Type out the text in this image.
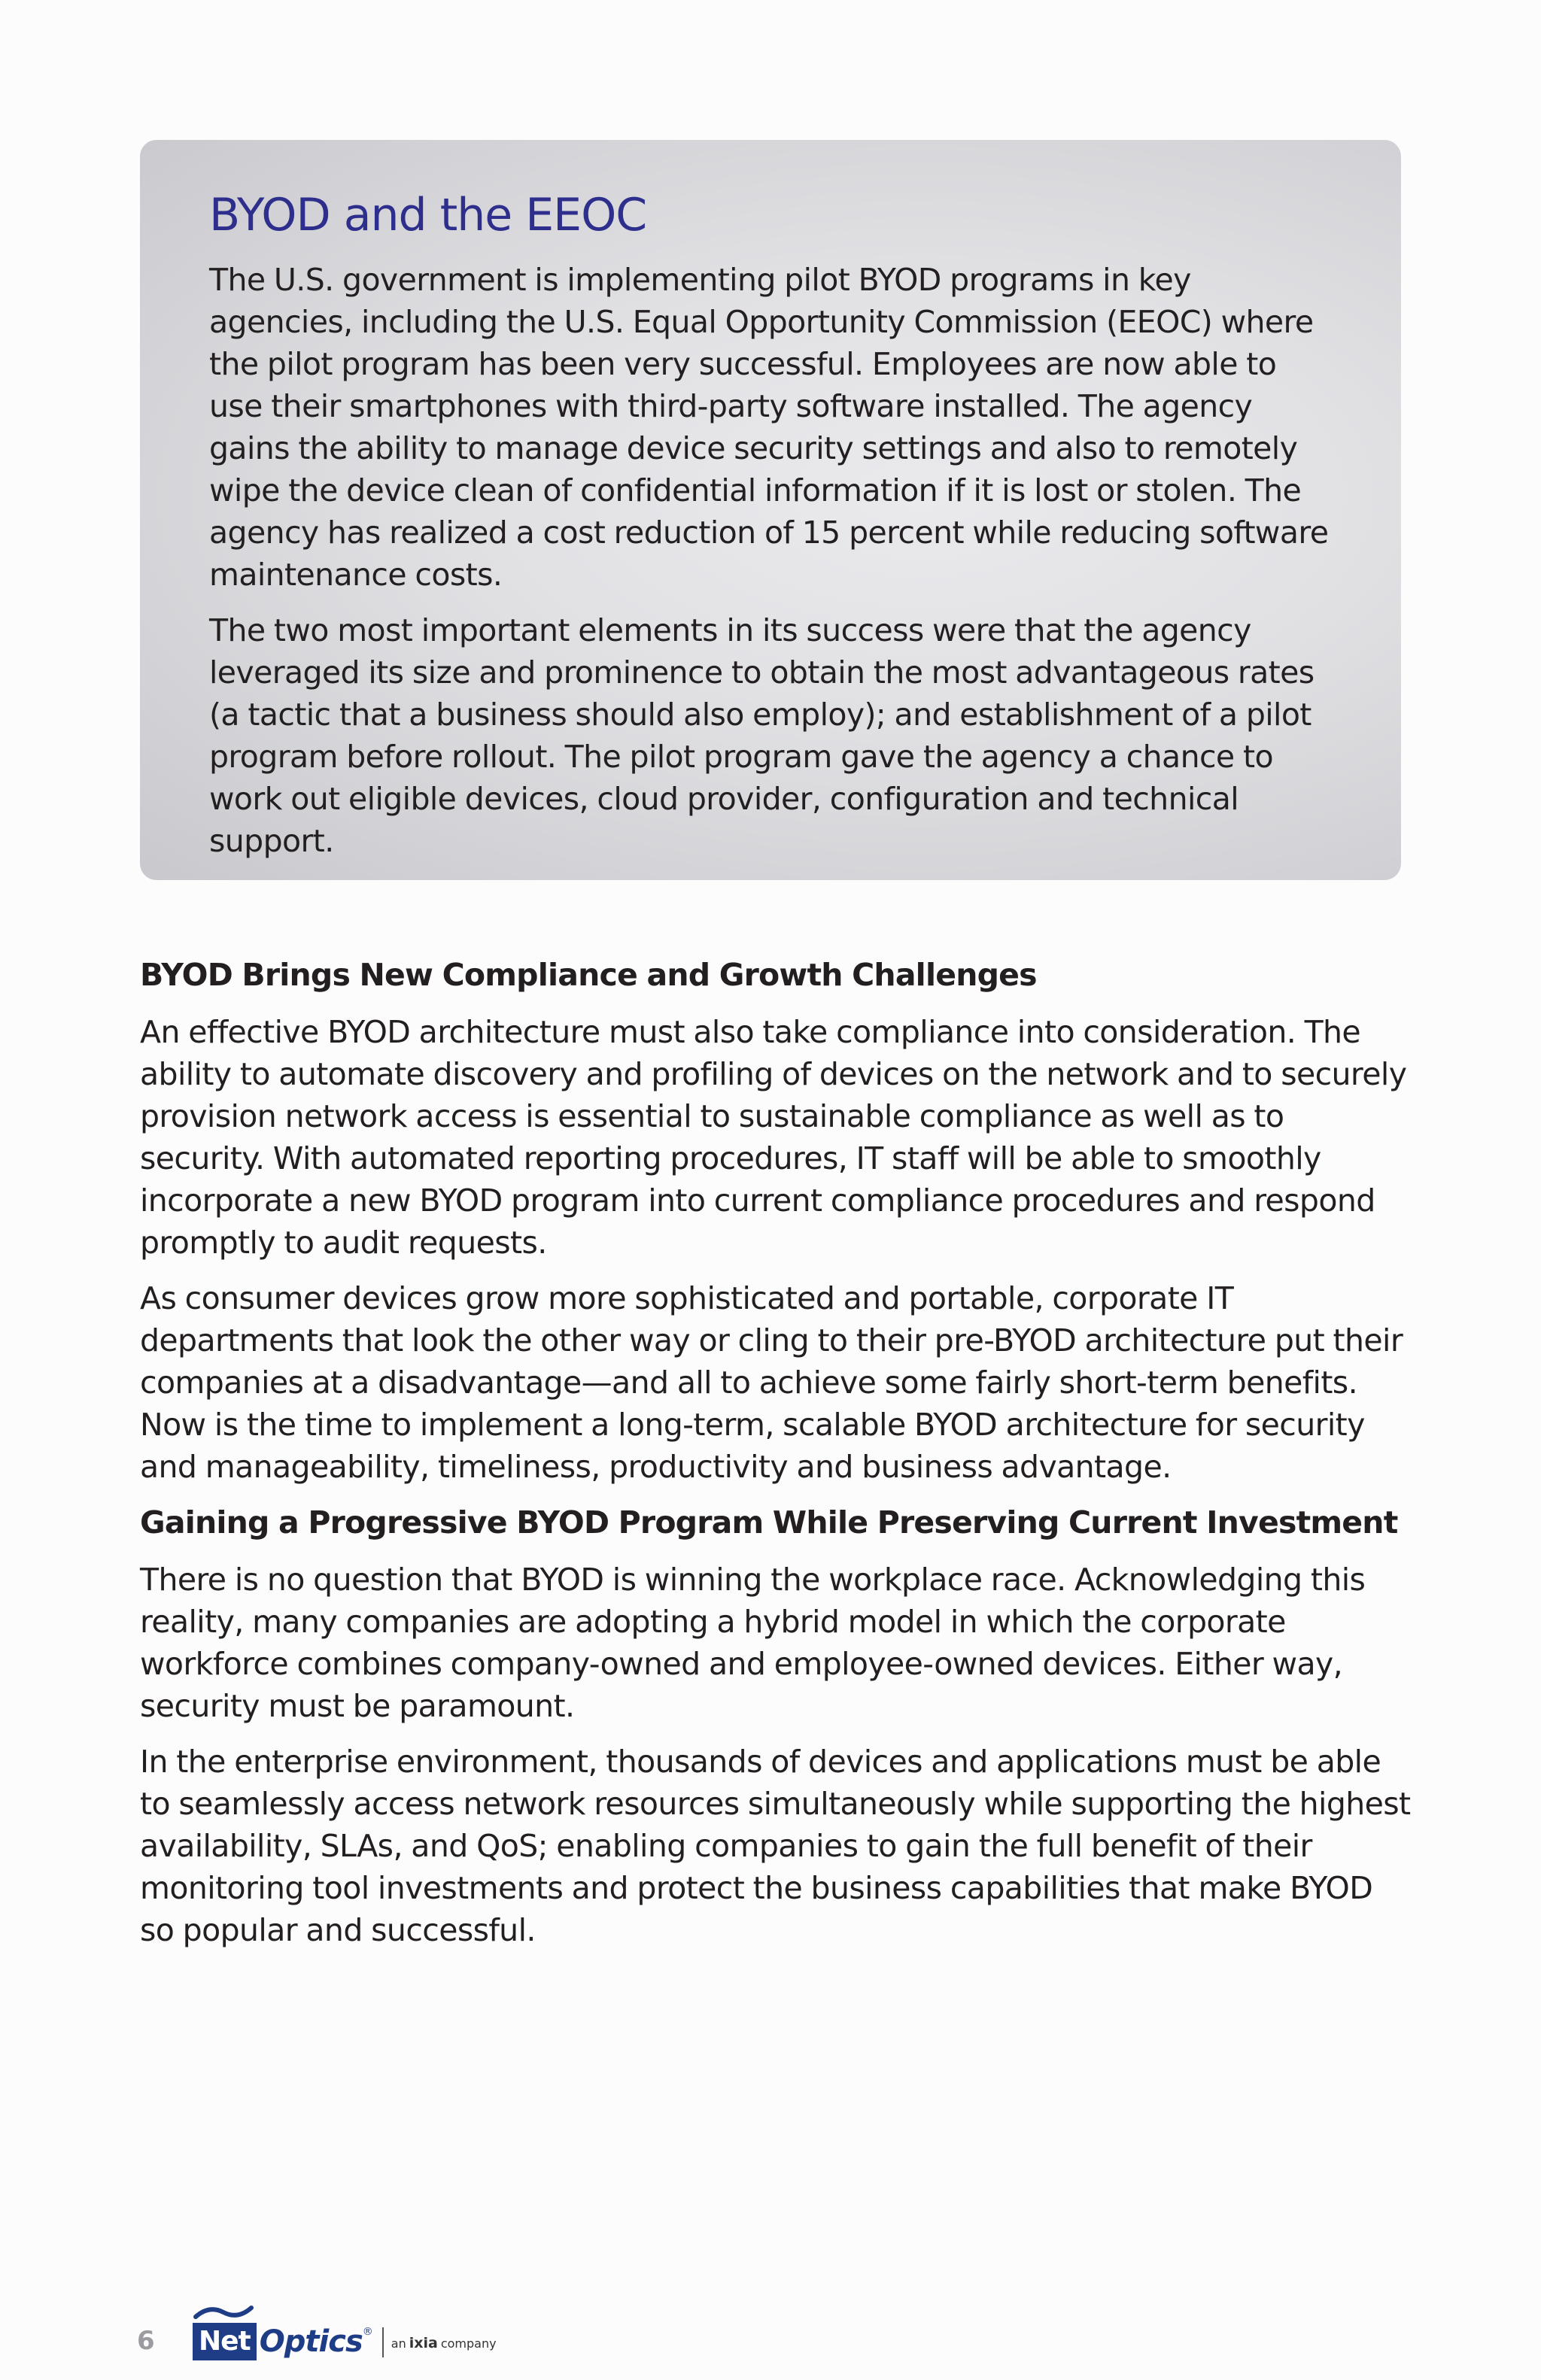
BYOD and the EEOC

The U.S. government is implementing pilot BYOD programs in key agencies, including the U.S. Equal Opportunity Commission (EEOC) where the pilot program has been very successful. Employees are now able to use their smartphones with third-party software installed. The agency gains the ability to manage device security settings and also to remotely wipe the device clean of confidential information if it is lost or stolen. The agency has realized a cost reduction of 15 percent while reducing software maintenance costs.

The two most important elements in its success were that the agency leveraged its size and prominence to obtain the most advantageous rates (a tactic that a business should also employ); and establishment of a pilot program before rollout. The pilot program gave the agency a chance to work out eligible devices, cloud provider, configuration and technical support.

BYOD Brings New Compliance and Growth Challenges

An effective BYOD architecture must also take compliance into consideration. The ability to automate discovery and profiling of devices on the network and to securely provision network access is essential to sustainable compliance as well as to security. With automated reporting procedures, IT staff will be able to smoothly incorporate a new BYOD program into current compliance procedures and respond promptly to audit requests.

As consumer devices grow more sophisticated and portable, corporate IT departments that look the other way or cling to their pre-BYOD architecture put their companies at a disadvantage—and all to achieve some fairly short-term benefits. Now is the time to implement a long-term, scalable BYOD architecture for security and manageability, timeliness, productivity and business advantage.

Gaining a Progressive BYOD Program While Preserving Current Investment

There is no question that BYOD is winning the workplace race. Acknowledging this reality, many companies are adopting a hybrid model in which the corporate workforce combines company-owned and employee-owned devices. Either way, security must be paramount.

In the enterprise environment, thousands of devices and applications must be able to seamlessly access network resources simultaneously while supporting the highest availability, SLAs, and QoS; enabling companies to gain the full benefit of their monitoring tool investments and protect the business capabilities that make BYOD so popular and successful.

6 Net Optics ®
an ixia company
